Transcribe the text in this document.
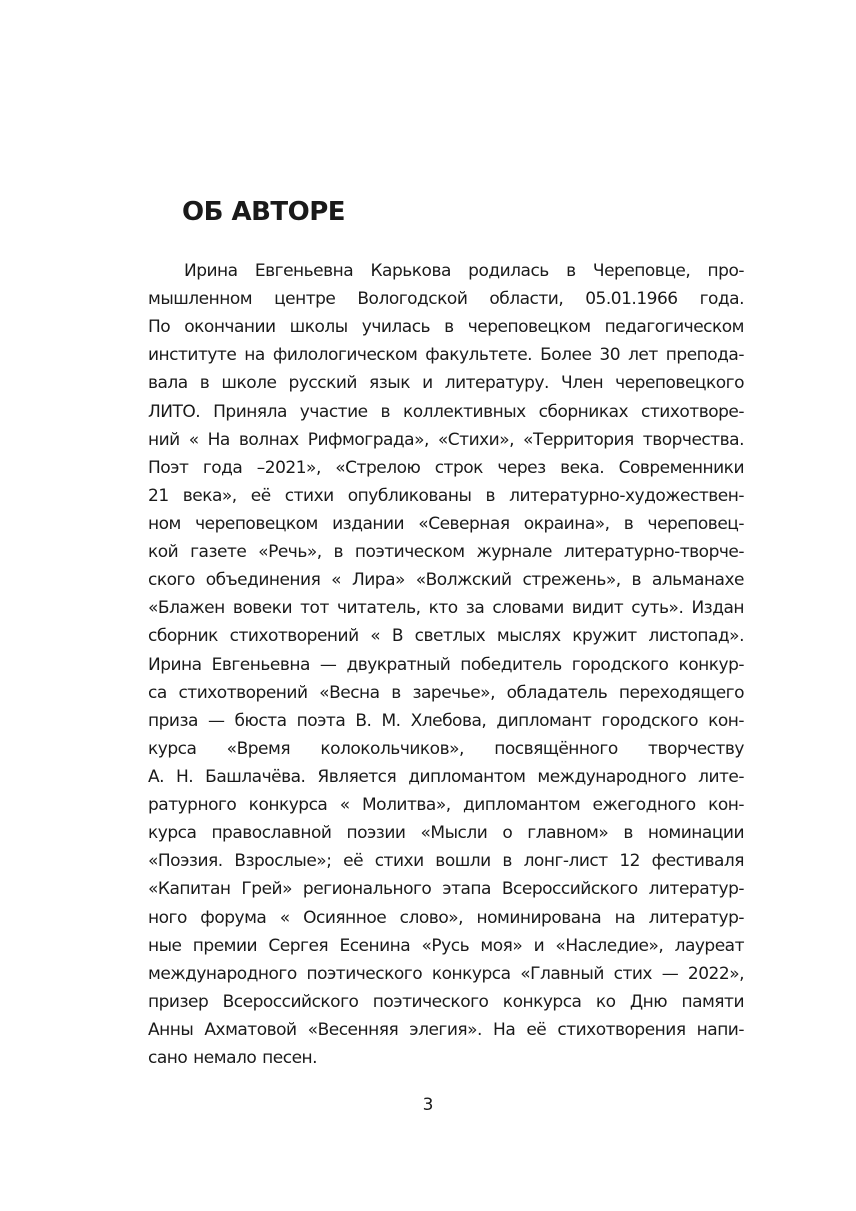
ОБ АВТОРЕ
Ирина Евгеньевна Карькова родилась в Череповце, про-
мышленном центре Вологодской области, 05.01.1966 года.
По окончании школы училась в череповецком педагогическом
институте на филологическом факультете. Более 30 лет препода-
вала в школе русский язык и литературу. Член череповецкого
ЛИТО. Приняла участие в коллективных сборниках стихотворе-
ний « На волнах Рифмограда», «Стихи», «Территория творчества.
Поэт года –2021», «Стрелою строк через века. Современники
21 века», её стихи опубликованы в литературно-художествен-
ном череповецком издании «Северная окраина», в череповец-
кой газете «Речь», в поэтическом журнале литературно-творче-
ского объединения « Лира» «Волжский стрежень», в альманахе
«Блажен вовеки тот читатель, кто за словами видит суть». Издан
сборник стихотворений « В светлых мыслях кружит листопад».
Ирина Евгеньевна — двукратный победитель городского конкур-
са стихотворений «Весна в заречье», обладатель переходящего
приза — бюста поэта В. М. Хлебова, дипломант городского кон-
курса «Время колокольчиков», посвящённого творчеству
А. Н. Башлачёва. Является дипломантом международного лите-
ратурного конкурса « Молитва», дипломантом ежегодного кон-
курса православной поэзии «Мысли о главном» в номинации
«Поэзия. Взрослые»; её стихи вошли в лонг-лист 12 фестиваля
«Капитан Грей» регионального этапа Всероссийского литератур-
ного форума « Осиянное слово», номинирована на литератур-
ные премии Сергея Есенина «Русь моя» и «Наследие», лауреат
международного поэтического конкурса «Главный стих — 2022»,
призер Всероссийского поэтического конкурса ко Дню памяти
Анны Ахматовой «Весенняя элегия». На её стихотворения напи-
сано немало песен.
3
